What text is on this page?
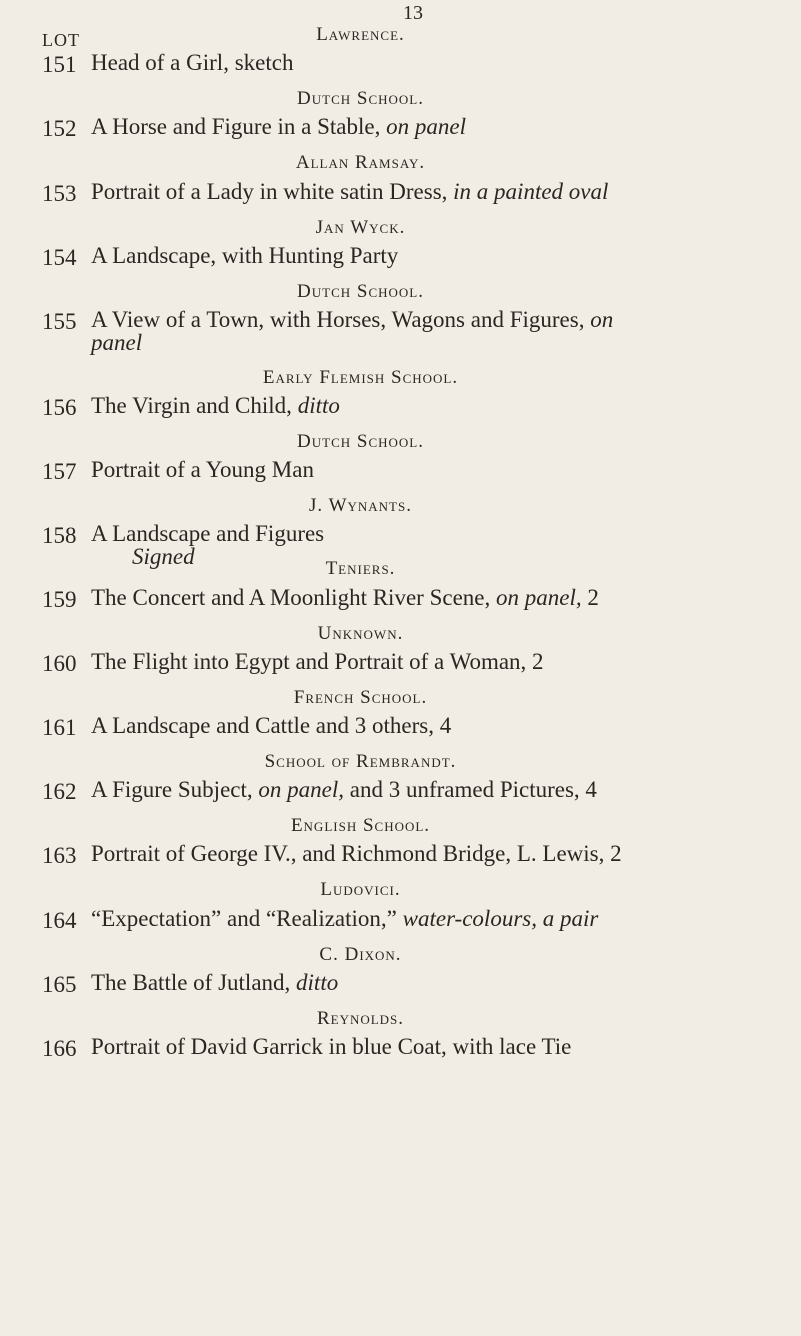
13
LOT	Lawrence.
151 Head of a Girl, sketch
Dutch School.
152 A Horse and Figure in a Stable, on panel
Allan Ramsay.
153 Portrait of a Lady in white satin Dress, in a painted oval
Jan Wyck.
154 A Landscape, with Hunting Party
Dutch School.
155 A View of a Town, with Horses, Wagons and Figures, on
panel
Early Flemish School.
156 The Virgin and Child, ditto
Dutch School.
157 Portrait of a Young Man
J. Wynants.
158 A Landscape and Figures
Signed	Teniers.
159 The Concert and A Moonlight River Scene, on panel, 2
Unknown.
160 The Flight into Egypt and Portrait of a Woman, 2
French School.
161 A Landscape and Cattle and 3 others, 4
School of Rembrandt.
162 A Figure Subject, on panel, and 3 unframed Pictures, 4
English School.
163 Portrait of George IV., and Richmond Bridge, L. Lewis, 2
Ludovici.
164 “Expectation” and “Realization,” water-colours, a pair
C. Dixon.
165 The Battle of Jutland, ditto
Reynolds.
166 Portrait of David Garrick in blue Coat, with lace Tie
